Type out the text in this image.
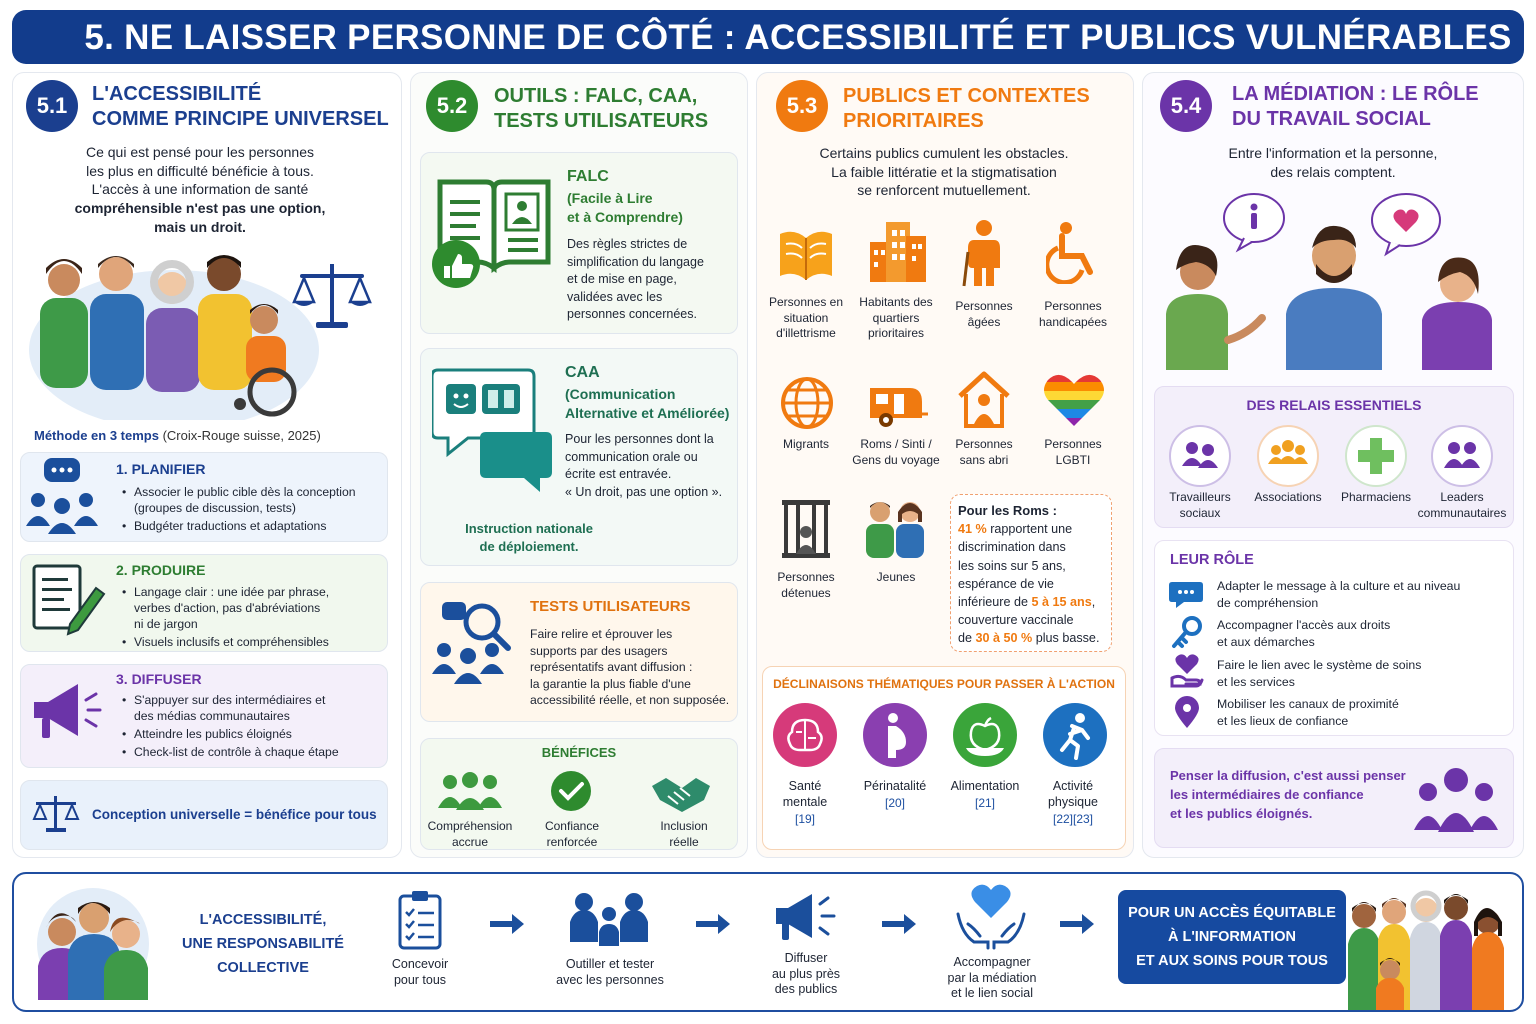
5. NE LAISSER PERSONNE DE CÔTÉ : ACCESSIBILITÉ ET PUBLICS VULNÉRABLES
5.1	L'ACCESSIBILITÉ
COMME PRINCIPE UNIVERSEL
Ce qui est pensé pour les personnes
les plus en difficulté bénéficie à tous.
L'accès à une information de santé
compréhensible n'est pas une option,
mais un droit.
Méthode en 3 temps (Croix-Rouge suisse, 2025)
1. PLANIFIER
• Associer le public cible dès la conception
(groupes de discussion, tests)
• Budgéter traductions et adaptations
2. PRODUIRE
• Langage clair : une idée par phrase,
verbes d'action, pas d'abréviations
ni de jargon
• Visuels inclusifs et compréhensibles
3. DIFFUSER
• S'appuyer sur des intermédiaires et
des médias communautaires
• Atteindre les publics éloignés
• Check-list de contrôle à chaque étape
Conception universelle = bénéfice pour tous
5.2	OUTILS : FALC, CAA,
TESTS UTILISATEURS
FALC
(Facile à Lire
et à Comprendre)
Des règles strictes de
simplification du langage
et de mise en page,
validées avec les
personnes concernées.
CAA
(Communication
Alternative et Améliorée)
Pour les personnes dont la
communication orale ou
écrite est entravée.
« Un droit, pas une option ».
Instruction nationale
de déploiement.
TESTS UTILISATEURS
Faire relire et éprouver les
supports par des usagers
représentatifs avant diffusion :
la garantie la plus fiable d'une
accessibilité réelle, et non supposée.
BÉNÉFICES
Compréhension
accrue
Confiance
renforcée
Inclusion
réelle
5.3	PUBLICS ET CONTEXTES
PRIORITAIRES
Certains publics cumulent les obstacles.
La faible littératie et la stigmatisation
se renforcent mutuellement.
Personnes en
situation
d'illettrisme
Habitants des
quartiers
prioritaires
Personnes
âgées
Personnes
handicapées
Migrants	Roms / Sinti /
Gens du voyage
Personnes
sans abri
Personnes
LGBTI
Personnes
détenues
Jeunes
Pour les Roms :
41 % rapportent une
discrimination dans
les soins sur 5 ans,
espérance de vie
inférieure de 5 à 15 ans,
couverture vaccinale
de 30 à 50 % plus basse.
DÉCLINAISONS THÉMATIQUES POUR PASSER À L'ACTION
Santé
mentale
[19]
Périnatalité
[20]
Alimentation
[21]
Activité
physique
[22][23]
5.4	LA MÉDIATION : LE RÔLE
DU TRAVAIL SOCIAL
Entre l'information et la personne,
des relais comptent.
DES RELAIS ESSENTIELS
Travailleurs
sociaux
Associations	Pharmaciens	Leaders
communautaires
LEUR RÔLE
Adapter le message à la culture et au niveau
de compréhension
Accompagner l'accès aux droits
et aux démarches
Faire le lien avec le système de soins
et les services
Mobiliser les canaux de proximité
et les lieux de confiance
Penser la diffusion, c'est aussi penser
les intermédiaires de confiance
et les publics éloignés.
L'ACCESSIBILITÉ,
UNE RESPONSABILITÉ
COLLECTIVE	Concevoir
pour tous
Outiller et tester
avec les personnes
Diffuser
au plus près
des publics
Accompagner
par la médiation
et le lien social
POUR UN ACCÈS ÉQUITABLE
À L'INFORMATION
ET AUX SOINS POUR TOUS
